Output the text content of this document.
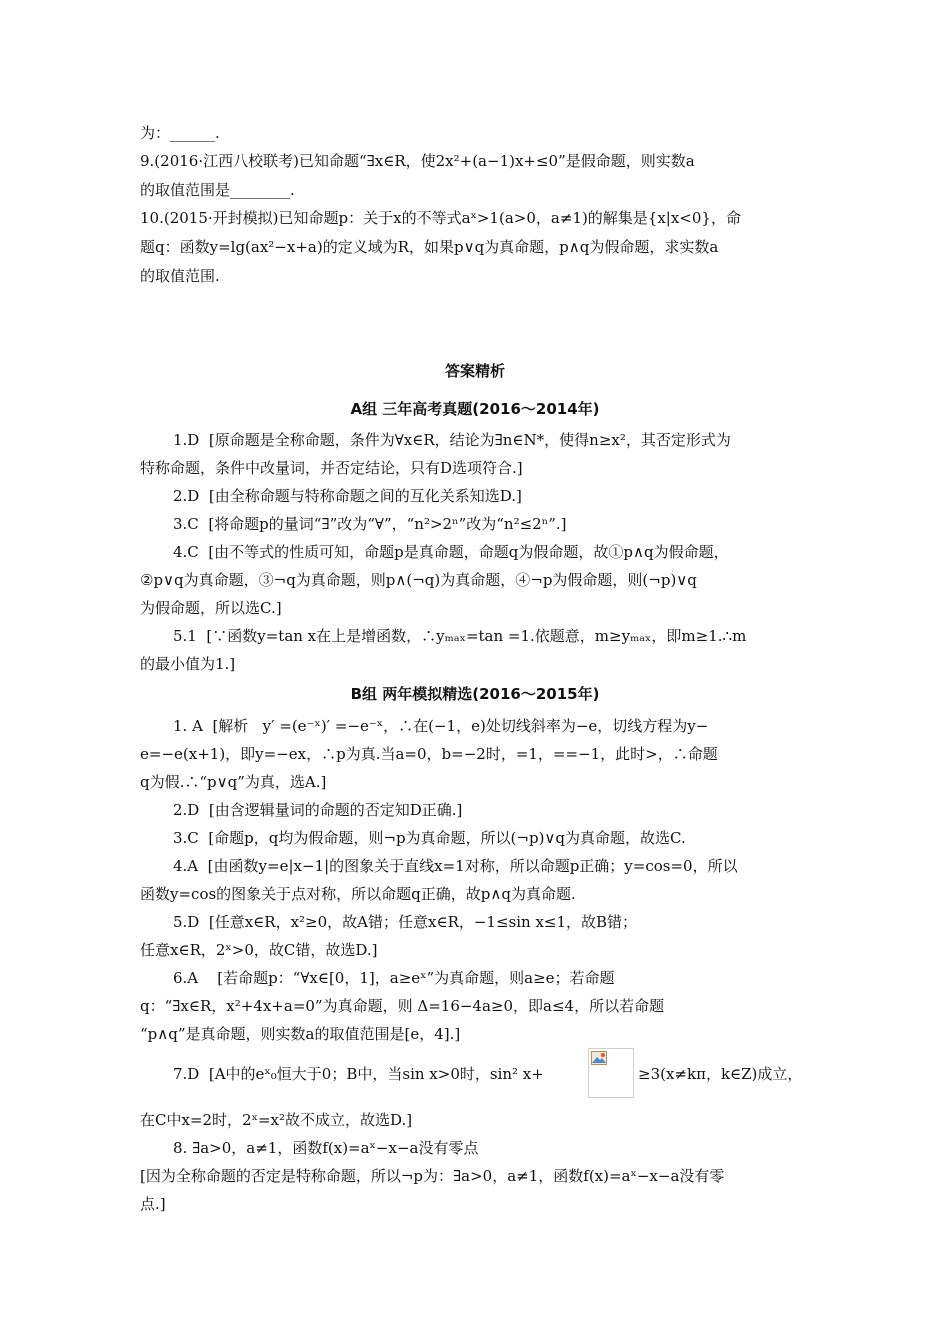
为：______.
9.(2016·江西八校联考)已知命题“∃x∈R，使2x²+(a−1)x+≤0”是假命题，则实数a
的取值范围是________.
10.(2015·开封模拟)已知命题p：关于x的不等式aˣ>1(a>0，a≠1)的解集是{x|x<0}，命
题q：函数y=lg(ax²−x+a)的定义域为R，如果p∨q为真命题，p∧q为假命题，求实数a
的取值范围.
答案精析
A组 三年高考真题(2016～2014年)
1.D  [原命题是全称命题，条件为∀x∈R，结论为∃n∈N*，使得n≥x²，其否定形式为
特称命题，条件中改量词，并否定结论，只有D选项符合.]
2.D  [由全称命题与特称命题之间的互化关系知选D.]
3.C  [将命题p的量词“∃”改为“∀”，“n²>2ⁿ”改为“n²≤2ⁿ”.]
4.C  [由不等式的性质可知，命题p是真命题，命题q为假命题，故①p∧q为假命题，
②p∨q为真命题，③¬q为真命题，则p∧(¬q)为真命题，④¬p为假命题，则(¬p)∨q
为假命题，所以选C.]
5.1  [∵函数y=tan x在上是增函数，∴yₘₐₓ=tan =1.依题意，m≥yₘₐₓ，即m≥1.∴m
的最小值为1.]
B组 两年模拟精选(2016～2015年)
1. A  [解析   y′ =(e⁻ˣ)′ =−e⁻ˣ，∴在(−1，e)处切线斜率为−e，切线方程为y−
e=−e(x+1)，即y=−ex，∴p为真.当a=0，b=−2时，=1，==−1，此时>，∴命题
q为假.∴“p∨q”为真，选A.]
2.D  [由含逻辑量词的命题的否定知D正确.]
3.C  [命题p，q均为假命题，则¬p为真命题，所以(¬p)∨q为真命题，故选C.
4.A  [由函数y=e|x−1|的图象关于直线x=1对称，所以命题p正确；y=cos=0，所以
函数y=cos的图象关于点对称，所以命题q正确，故p∧q为真命题.
5.D  [任意x∈R，x²≥0，故A错；任意x∈R，−1≤sin x≤1，故B错；
任意x∈R，2ˣ>0，故C错，故选D.]
6.A    [若命题p：“∀x∈[0，1]，a≥eˣ”为真命题，则a≥e；若命题
q：“∃x∈R，x²+4x+a=0”为真命题，则 Δ=16−4a≥0，即a≤4，所以若命题
“p∧q”是真命题，则实数a的取值范围是[e，4].]
7.D  [A中的eˣ₀恒大于0；B中，当sin x>0时，sin² x+	≥3(x≠kπ，k∈Z)成立，
在C中x=2时，2ˣ=x²故不成立，故选D.]
8. ∃a>0，a≠1，函数f(x)=aˣ−x−a没有零点
[因为全称命题的否定是特称命题，所以¬p为：∃a>0，a≠1，函数f(x)=aˣ−x−a没有零
点.]
